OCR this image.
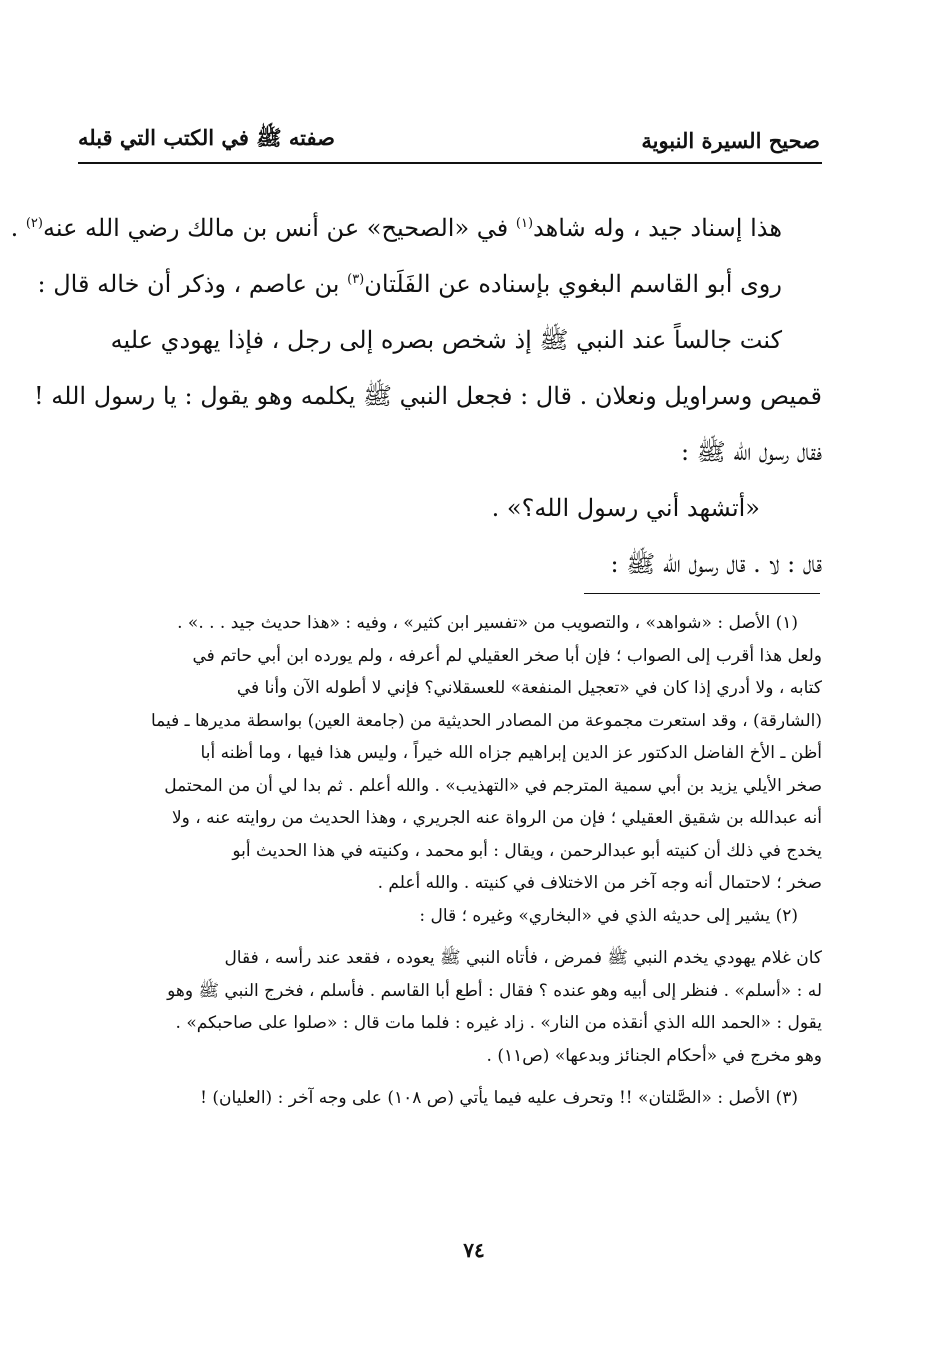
صحيح السيرة النبوية
صفته ﷺ في الكتب التي قبله

هذا إسناد جيد ، وله شاهد$^{(١)}$ في «الصحيح» عن أنس بن مالك رضي الله عنه$^{(٢)}$ .

روى أبو القاسم البغوي بإسناده عن الفَلَتان$^{(٣)}$ بن عاصم ، وذكر أن خاله قال :

كنت جالساً عند النبي ﷺ إذ شخص بصره إلى رجل ، فإذا يهودي عليه

قميص وسراويل ونعلان . قال : فجعل النبي ﷺ يكلمه وهو يقول : يا رسول الله !

فقال رسول الله ﷺ :

«أتشهد أني رسول الله؟» .

قال : لا . قال رسول الله ﷺ :

(١) الأصل : «شواهد» ، والتصويب من «تفسير ابن كثير» ، وفيه : «هذا حديث جيد . . .» .

ولعل هذا أقرب إلى الصواب ؛ فإن أبا صخر العقيلي لم أعرفه ، ولم يورده ابن أبي حاتم في

كتابه ، ولا أدري إذا كان في «تعجيل المنفعة» للعسقلاني؟ فإني لا أطوله الآن وأنا في

(الشارقة) ، وقد استعرت مجموعة من المصادر الحديثية من (جامعة العين) بواسطة مديرها ـ فيما

أظن ـ الأخ الفاضل الدكتور عز الدين إبراهيم جزاه الله خيراً ، وليس هذا فيها ، وما أظنه أبا

صخر الأيلي يزيد بن أبي سمية المترجم في «التهذيب» . والله أعلم . ثم بدا لي أن من المحتمل

أنه عبدالله بن شقيق العقيلي ؛ فإن من الرواة عنه الجريري ، وهذا الحديث من روايته عنه ، ولا

يخدج في ذلك أن كنيته أبو عبدالرحمن ، ويقال : أبو محمد ، وكنيته في هذا الحديث أبو

صخر ؛ لاحتمال أنه وجه آخر من الاختلاف في كنيته . والله أعلم .

(٢) يشير إلى حديثه الذي في «البخاري» وغيره ؛ قال :

كان غلام يهودي يخدم النبي ﷺ فمرض ، فأتاه النبي ﷺ يعوده ، فقعد عند رأسه ، فقال

له : «أسلم» . فنظر إلى أبيه وهو عنده ؟ فقال : أطع أبا القاسم . فأسلم ، فخرج النبي ﷺ وهو

يقول : «الحمد الله الذي أنقذه من النار» . زاد غيره : فلما مات قال : «صلوا على صاحبكم» .

وهو مخرج في «أحكام الجنائز وبدعها» (ص١١) .

(٣) الأصل : «الصَّلتان» !! وتحرف عليه فيما يأتي (ص ١٠٨) على وجه آخر : (العليان) !

٧٤
